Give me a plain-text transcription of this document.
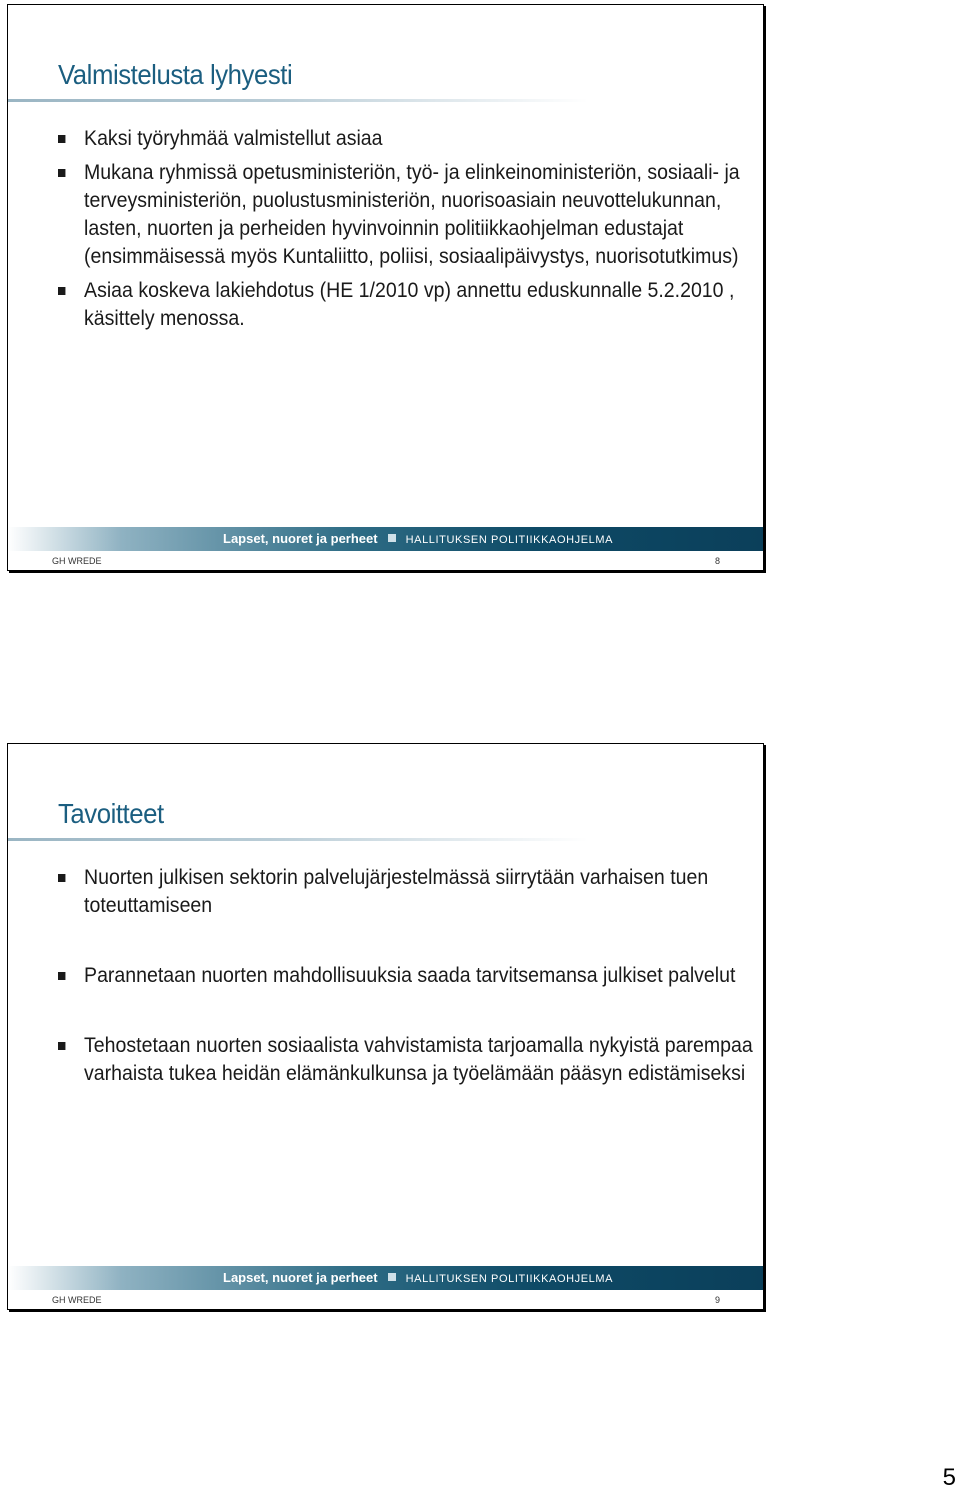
Valmistelusta lyhyesti
Kaksi työryhmää valmistellut asiaa
Mukana ryhmissä opetusministeriön, työ- ja elinkeinoministeriön, sosiaali- ja terveysministeriön, puolustusministeriön, nuorisoasiain neuvottelukunnan, lasten, nuorten ja perheiden hyvinvoinnin politiikkaohjelman edustajat (ensimmäisessä myös Kuntaliitto, poliisi, sosiaalipäivystys, nuorisotutkimus)
Asiaa koskeva lakiehdotus (HE 1/2010 vp) annettu eduskunnalle 5.2.2010 , käsittely menossa.
Lapset, nuoret ja perheet	HALLITUKSEN POLITIIKKAOHJELMA
GH WREDE	8
Tavoitteet
Nuorten julkisen sektorin palvelujärjestelmässä siirrytään varhaisen tuen toteuttamiseen
Parannetaan nuorten mahdollisuuksia saada tarvitsemansa julkiset palvelut
Tehostetaan nuorten sosiaalista vahvistamista tarjoamalla nykyistä parempaa varhaista tukea heidän elämänkulkunsa ja työelämään pääsyn edistämiseksi
Lapset, nuoret ja perheet	HALLITUKSEN POLITIIKKAOHJELMA
GH WREDE	9
5
